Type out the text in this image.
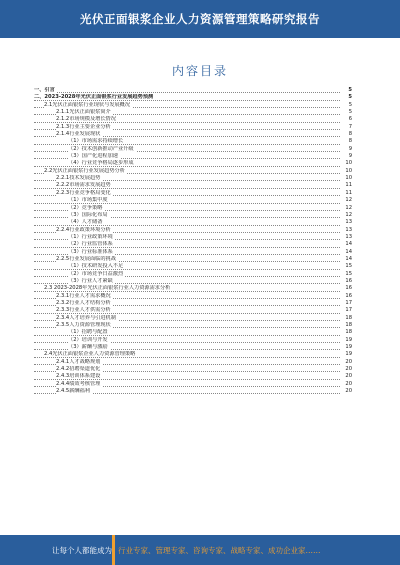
光伏正面银浆企业人力资源管理策略研究报告
内容目录
一、引言	5
二、2023-2028年光伏正面银浆行业发展趋势预测	5
2.1光伏正面银浆行业现状与发展概况	5
2.1.1光伏正面银浆简介	5
2.1.2市场规模及增长情况	6
2.1.3行业主要企业分析	7
2.1.4行业发展现状	8
（1）市场需求持续增长	8
（2）技术创新推动产业升级	9
（3）国产化进程加速	9
（4）行业竞争格局逐步形成	10
2.2光伏正面银浆行业发展趋势分析	10
2.2.1技术发展趋势	10
2.2.2市场需求发展趋势	11
2.2.3行业竞争格局变化	11
（1）市场集中度	12
（2）竞争策略	12
（3）国际化布局	12
（4）人才储备	13
2.2.4行业政策环境分析	13
（1）行业政策环境	13
（2）行业监管体系	14
（3）行业标准体系	14
2.2.5行业发展面临的挑战	14
（1）技术研发投入不足	15
（2）市场竞争日益激烈	15
（3）行业人才紧缺	16
2.3 2023-2028年光伏正面银浆行业人力资源需求分析	16
2.3.1行业人才需求概况	16
2.3.2行业人才结构分析	17
2.3.3行业人才供需分析	17
2.3.4人才培养与引进机制	18
2.3.5人力资源管理现状	18
（1）招聘与配置	18
（2）培训与开发	19
（3）薪酬与激励	19
2.4光伏正面银浆企业人力资源管理策略	19
2.4.1人才战略规划	20
2.4.2招聘渠道优化	20
2.4.3培训体系建设	20
2.4.4绩效考核管理	20
2.4.5薪酬福利	20
让每个人都能成为 行业专家、管理专家、咨询专家、战略专家、成功企业家……
